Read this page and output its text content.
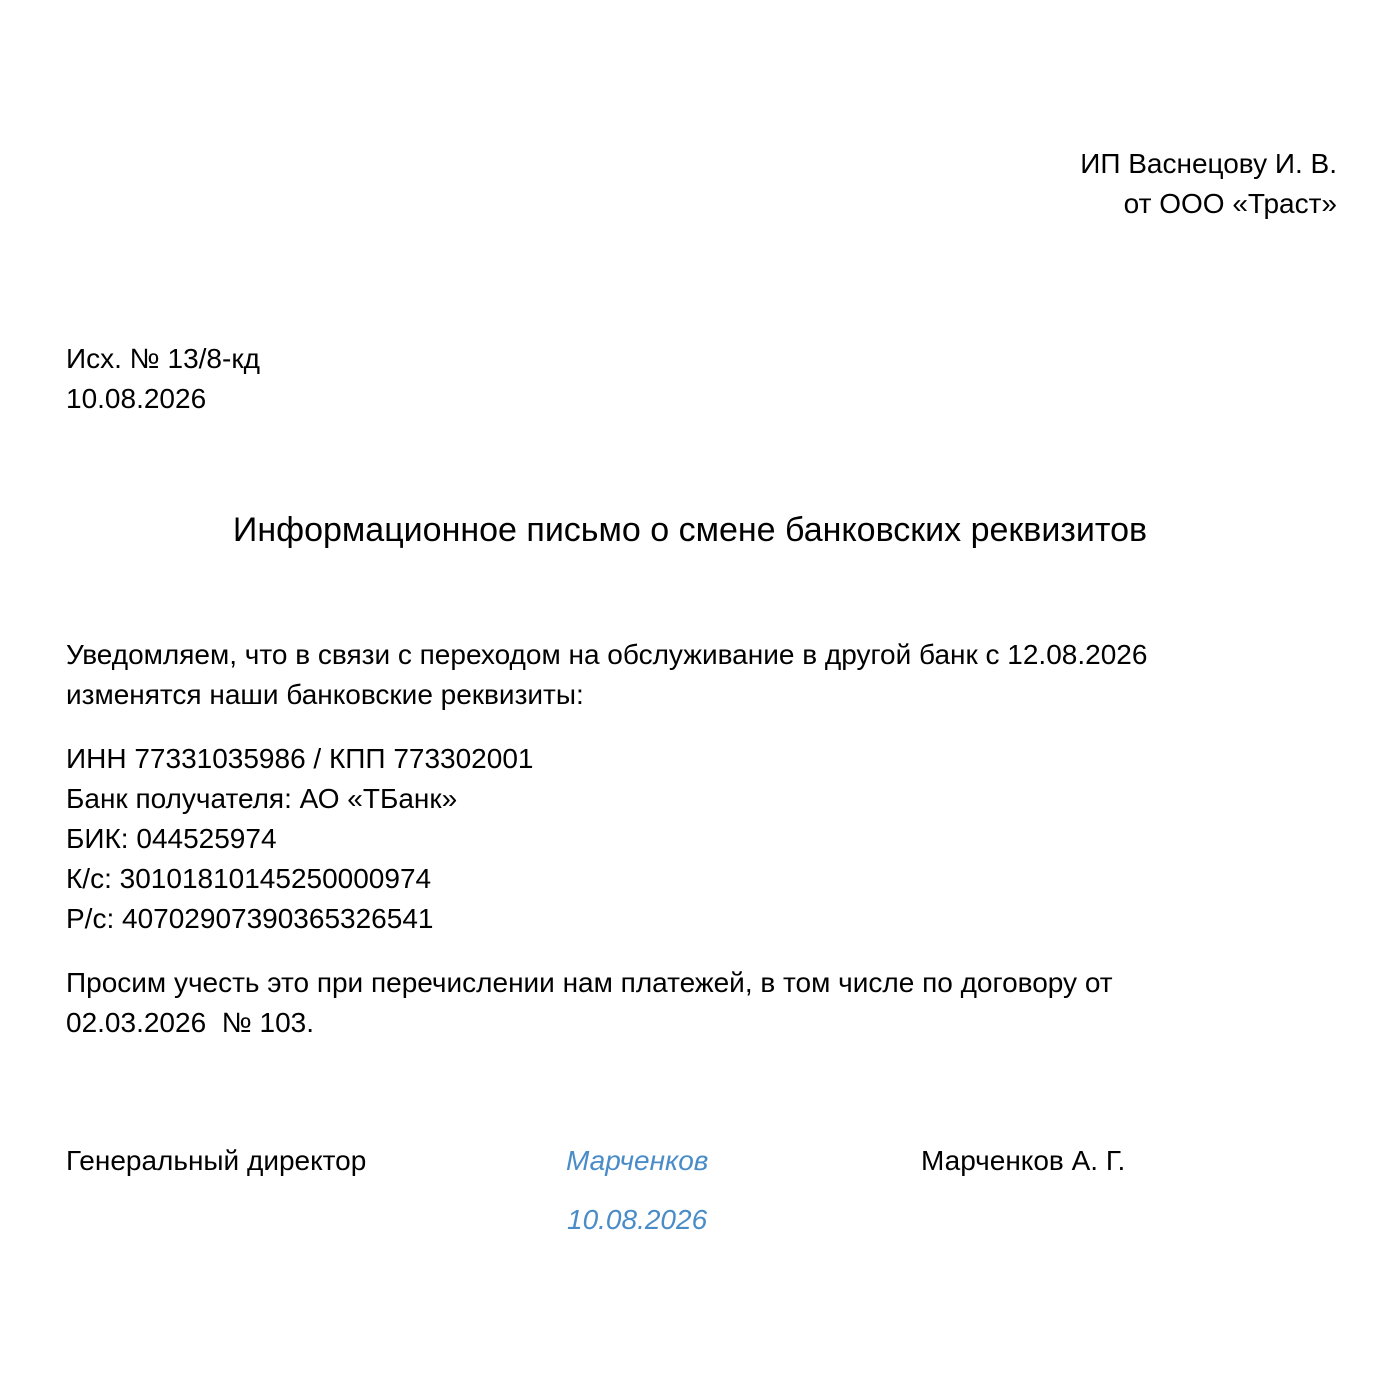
ИП Васнецову И. В.
от ООО «Траст»
Исх. № 13/8-кд
10.08.2026
Информационное письмо о смене банковских реквизитов
Уведомляем, что в связи с переходом на обслуживание в другой банк с 12.08.2026
изменятся наши банковские реквизиты:
ИНН 77331035986 / КПП 773302001
Банк получателя: АО «ТБанк»
БИК: 044525974
К/с: 30101810145250000974
Р/с: 40702907390365326541
Просим учесть это при перечислении нам платежей, в том числе по договору от
02.03.2026  № 103.
Генеральный директор	Марченков	Марченков А. Г.
10.08.2026
